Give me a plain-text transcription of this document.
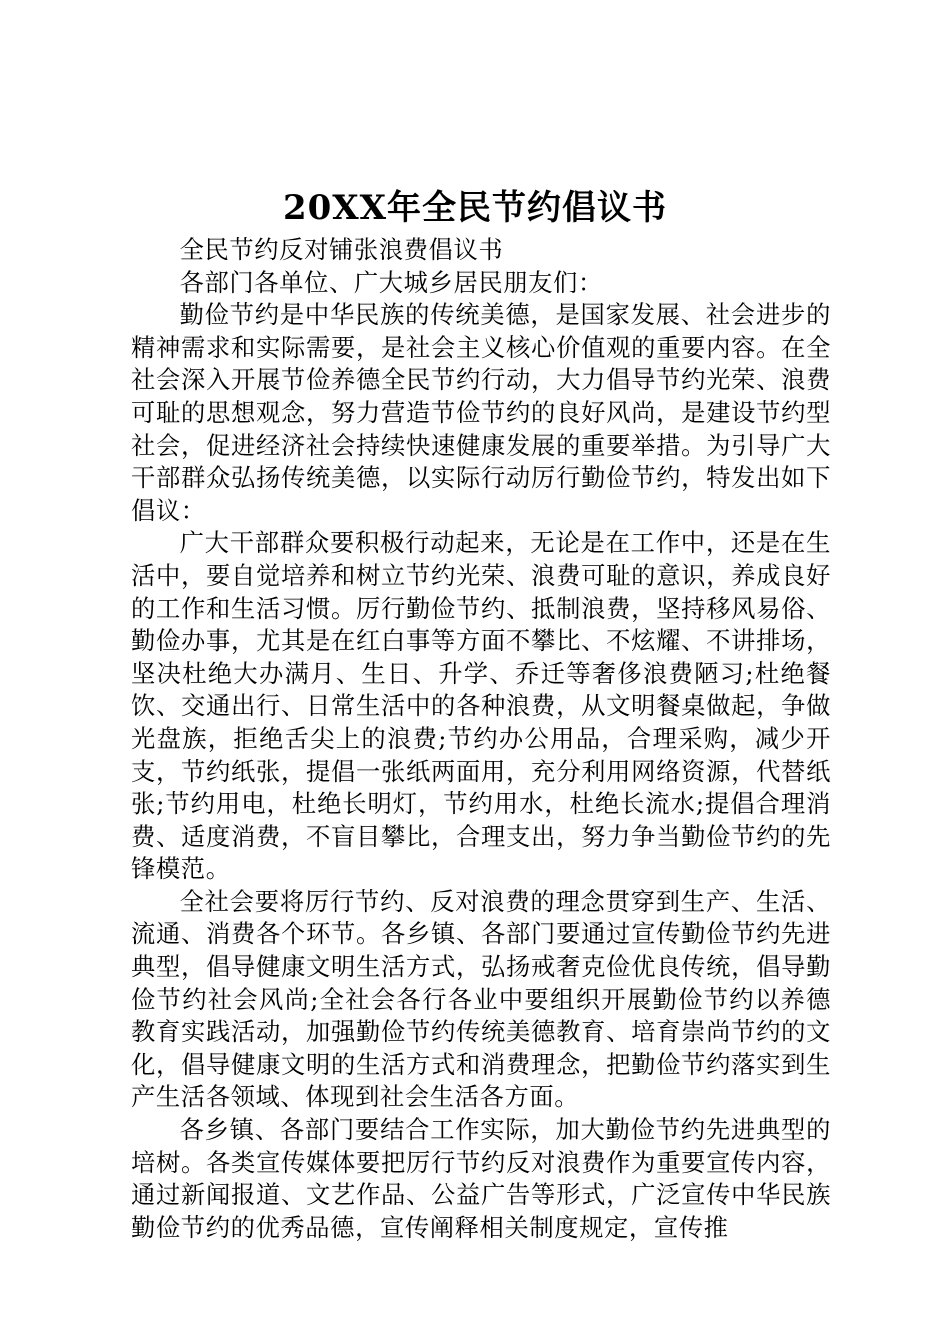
20XX年全民节约倡议书

全民节约反对铺张浪费倡议书

各部门各单位、广大城乡居民朋友们：

勤俭节约是中华民族的传统美德，是国家发展、社会进步的精神需求和实际需要，是社会主义核心价值观的重要内容。在全社会深入开展节俭养德全民节约行动，大力倡导节约光荣、浪费可耻的思想观念，努力营造节俭节约的良好风尚，是建设节约型社会，促进经济社会持续快速健康发展的重要举措。为引导广大干部群众弘扬传统美德，以实际行动厉行勤俭节约，特发出如下倡议：

广大干部群众要积极行动起来，无论是在工作中，还是在生活中，要自觉培养和树立节约光荣、浪费可耻的意识，养成良好的工作和生活习惯。厉行勤俭节约、抵制浪费，坚持移风易俗、勤俭办事，尤其是在红白事等方面不攀比、不炫耀、不讲排场，坚决杜绝大办满月、生日、升学、乔迁等奢侈浪费陋习;杜绝餐饮、交通出行、日常生活中的各种浪费，从文明餐桌做起，争做光盘族，拒绝舌尖上的浪费;节约办公用品，合理采购，减少开支，节约纸张，提倡一张纸两面用，充分利用网络资源，代替纸张;节约用电，杜绝长明灯，节约用水，杜绝长流水;提倡合理消费、适度消费，不盲目攀比，合理支出，努力争当勤俭节约的先锋模范。

全社会要将厉行节约、反对浪费的理念贯穿到生产、生活、流通、消费各个环节。各乡镇、各部门要通过宣传勤俭节约先进典型，倡导健康文明生活方式，弘扬戒奢克俭优良传统，倡导勤俭节约社会风尚;全社会各行各业中要组织开展勤俭节约以养德教育实践活动，加强勤俭节约传统美德教育、培育崇尚节约的文化，倡导健康文明的生活方式和消费理念，把勤俭节约落实到生产生活各领域、体现到社会生活各方面。

各乡镇、各部门要结合工作实际，加大勤俭节约先进典型的培树。各类宣传媒体要把厉行节约反对浪费作为重要宣传内容，通过新闻报道、文艺作品、公益广告等形式，广泛宣传中华民族勤俭节约的优秀品德，宣传阐释相关制度规定，宣传推
